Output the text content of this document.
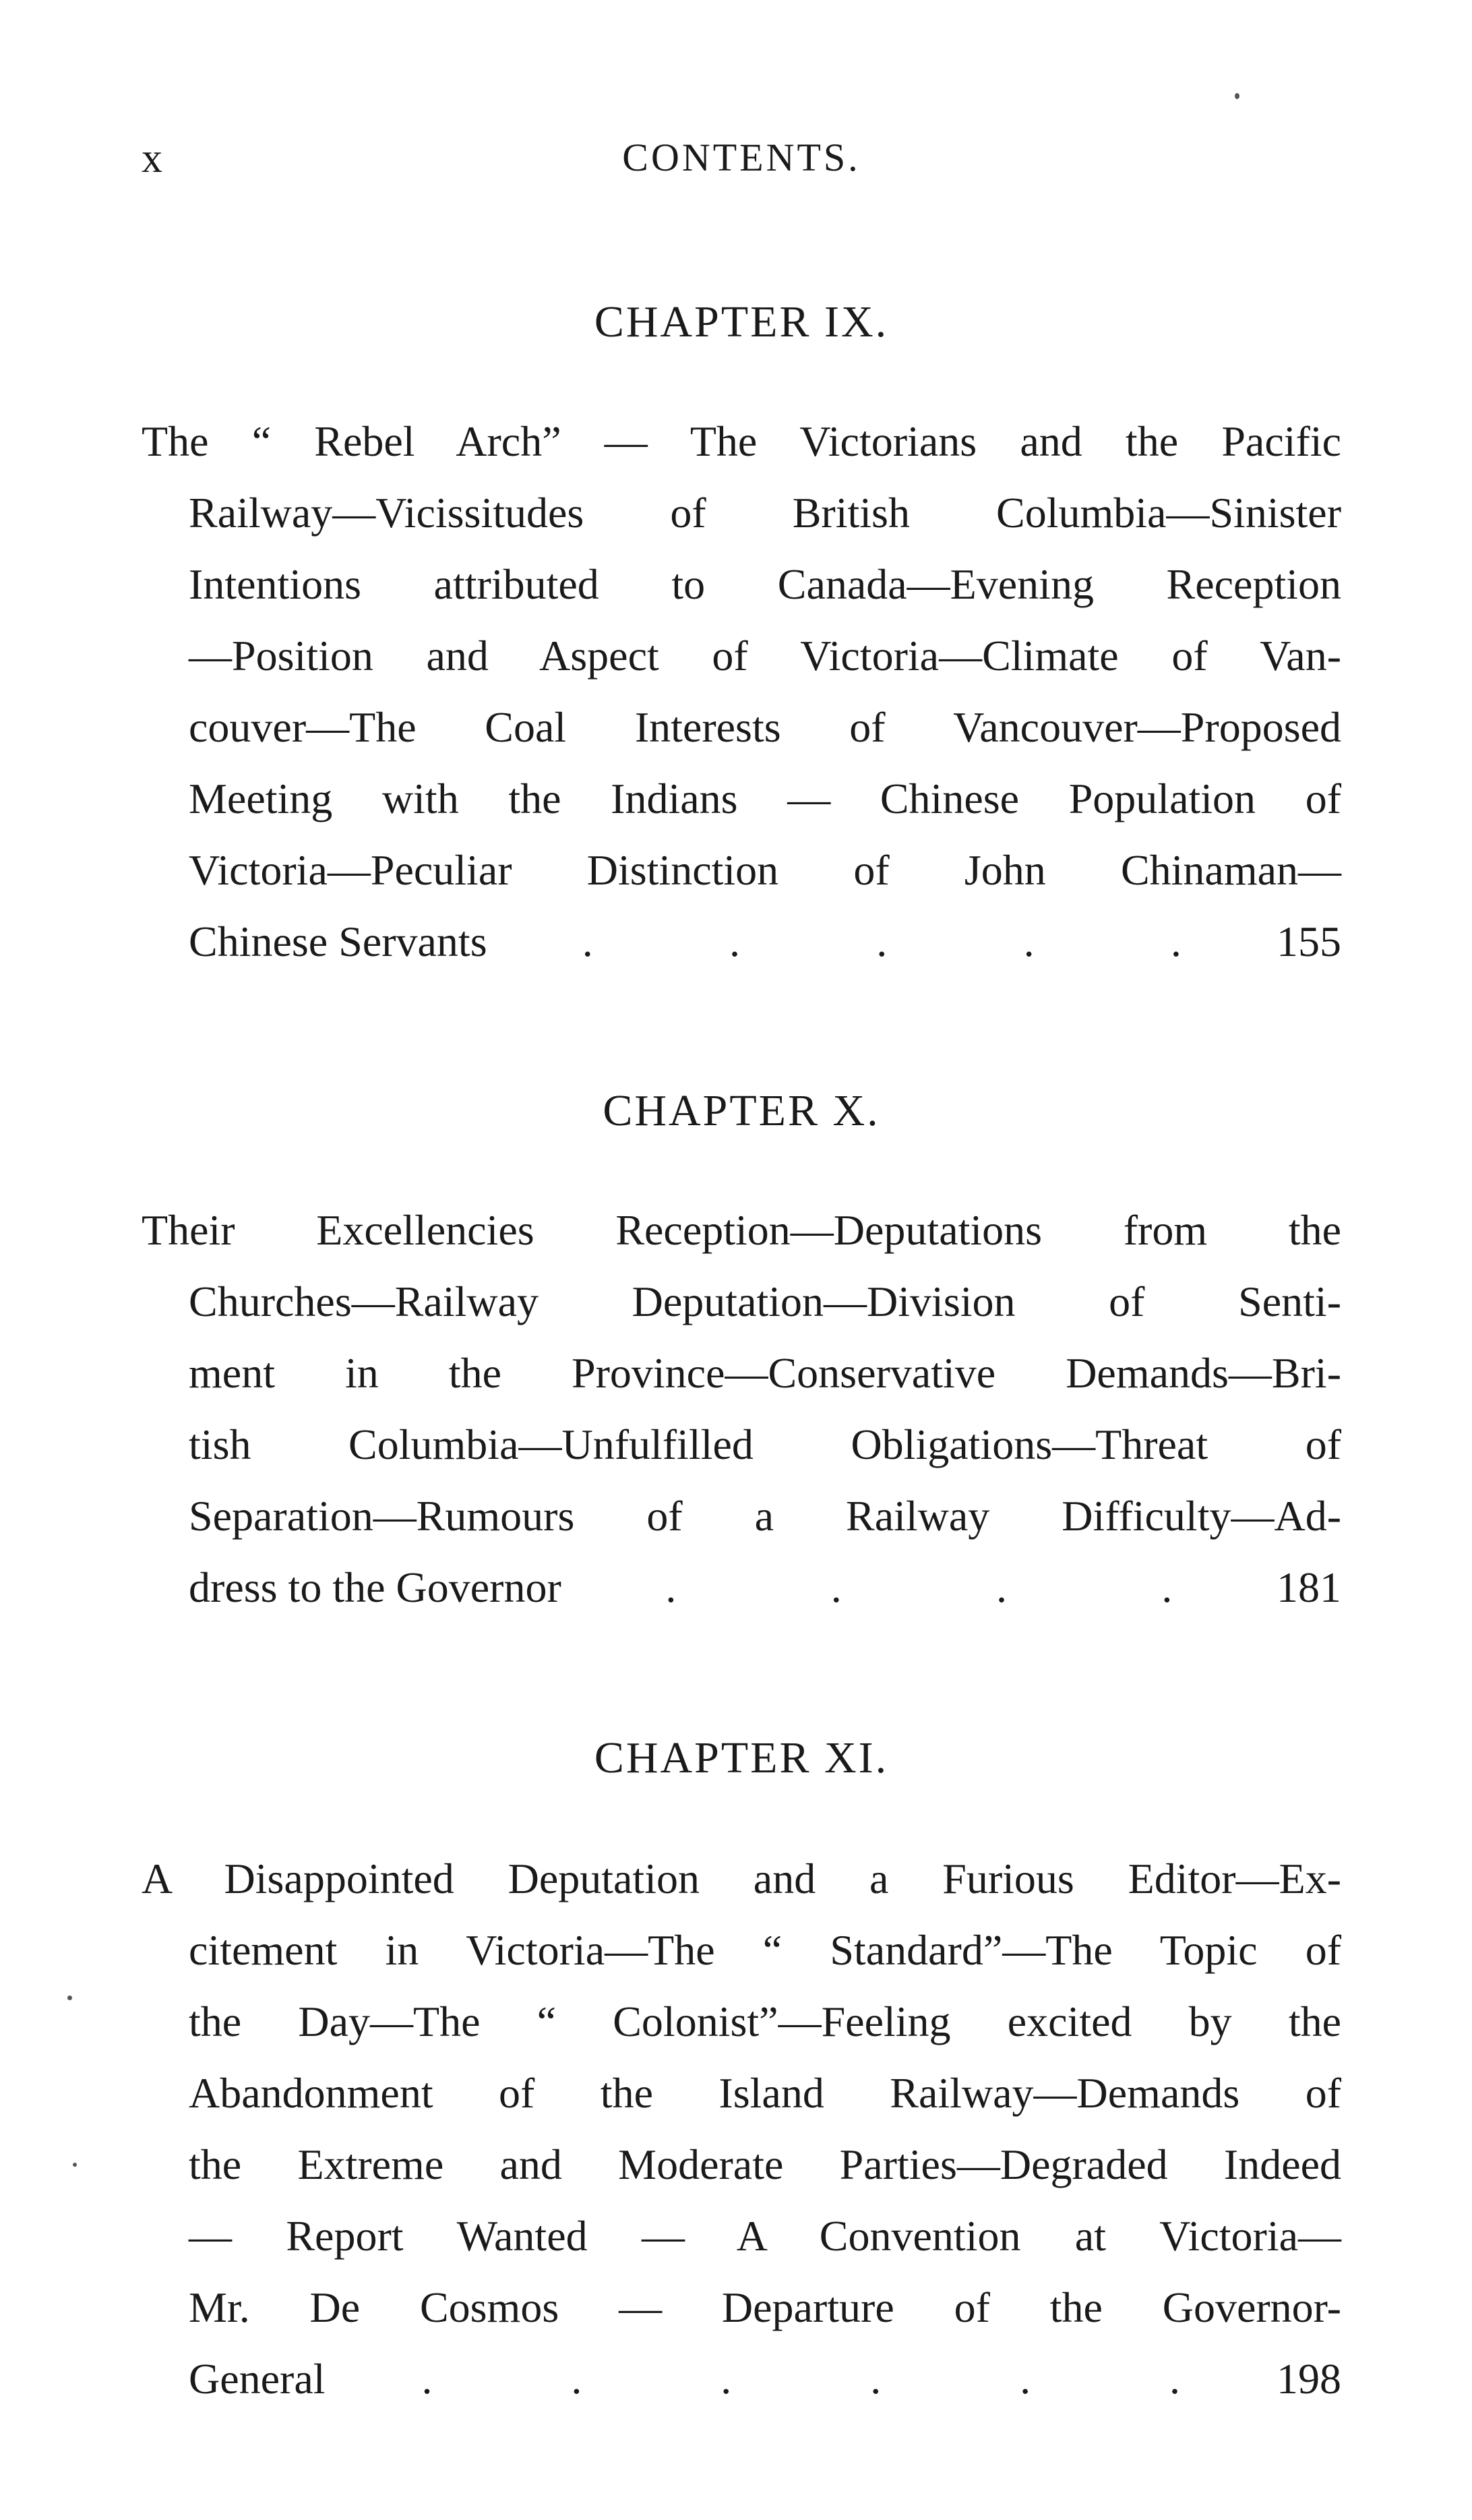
x	CONTENTS.
CHAPTER IX.
The “ Rebel Arch” — The Victorians and the Pacific
Railway—Vicissitudes of British Columbia—Sinister
Intentions attributed to Canada—Evening Reception
—Position and Aspect of Victoria—Climate of Van-
couver—The Coal Interests of Vancouver—Proposed
Meeting with the Indians — Chinese Population of
Victoria—Peculiar Distinction of John Chinaman—
Chinese Servants .	.	.	.	. 155
CHAPTER X.
Their Excellencies Reception—Deputations from the
Churches—Railway Deputation—Division of Senti-
ment in the Province—Conservative Demands—Bri-
tish Columbia—Unfulfilled Obligations—Threat of
Separation—Rumours of a Railway Difficulty—Ad-
dress to the Governor .	.	.	. 181
CHAPTER XI.
A Disappointed Deputation and a Furious Editor—Ex-
citement in Victoria—The “ Standard”—The Topic of
the Day—The “ Colonist”—Feeling excited by the
Abandonment of the Island Railway—Demands of
the Extreme and Moderate Parties—Degraded Indeed
— Report Wanted — A Convention at Victoria—
Mr. De Cosmos — Departure of the Governor-
General .	.	.	.	.	. 198
